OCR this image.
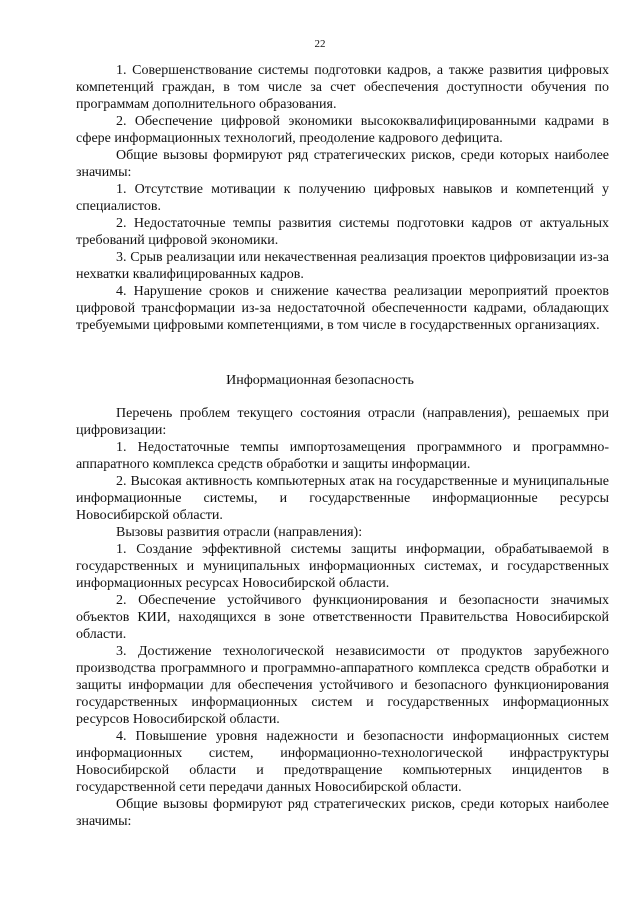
22

1. Совершенствование системы подготовки кадров, а также развития цифровых компетенций граждан, в том числе за счет обеспечения доступности обучения по программам дополнительного образования.

2. Обеспечение цифровой экономики высококвалифицированными кадрами в сфере информационных технологий, преодоление кадрового дефицита.

Общие вызовы формируют ряд стратегических рисков, среди которых наиболее значимы:

1. Отсутствие мотивации к получению цифровых навыков и компетенций у специалистов.

2. Недостаточные темпы развития системы подготовки кадров от актуальных требований цифровой экономики.

3. Срыв реализации или некачественная реализация проектов цифровизации из-за нехватки квалифицированных кадров.

4. Нарушение сроков и снижение качества реализации мероприятий проектов цифровой трансформации из-за недостаточной обеспеченности кадрами, обладающих требуемыми цифровыми компетенциями, в том числе в государственных организациях.

Информационная безопасность

Перечень проблем текущего состояния отрасли (направления), решаемых при цифровизации:

1. Недостаточные темпы импортозамещения программного и программно-аппаратного комплекса средств обработки и защиты информации.

2. Высокая активность компьютерных атак на государственные и муниципальные информационные системы, и государственные информационные ресурсы Новосибирской области.

Вызовы развития отрасли (направления):

1. Создание эффективной системы защиты информации, обрабатываемой в государственных и муниципальных информационных системах, и государственных информационных ресурсах Новосибирской области.

2. Обеспечение устойчивого функционирования и безопасности значимых объектов КИИ, находящихся в зоне ответственности Правительства Новосибирской области.

3. Достижение технологической независимости от продуктов зарубежного производства программного и программно-аппаратного комплекса средств обработки и защиты информации для обеспечения устойчивого и безопасного функционирования государственных информационных систем и государственных информационных ресурсов Новосибирской области.

4. Повышение уровня надежности и безопасности информационных систем информационных систем, информационно-технологической инфраструктуры Новосибирской области и предотвращение компьютерных инцидентов в государственной сети передачи данных Новосибирской области.

Общие вызовы формируют ряд стратегических рисков, среди которых наиболее значимы:
